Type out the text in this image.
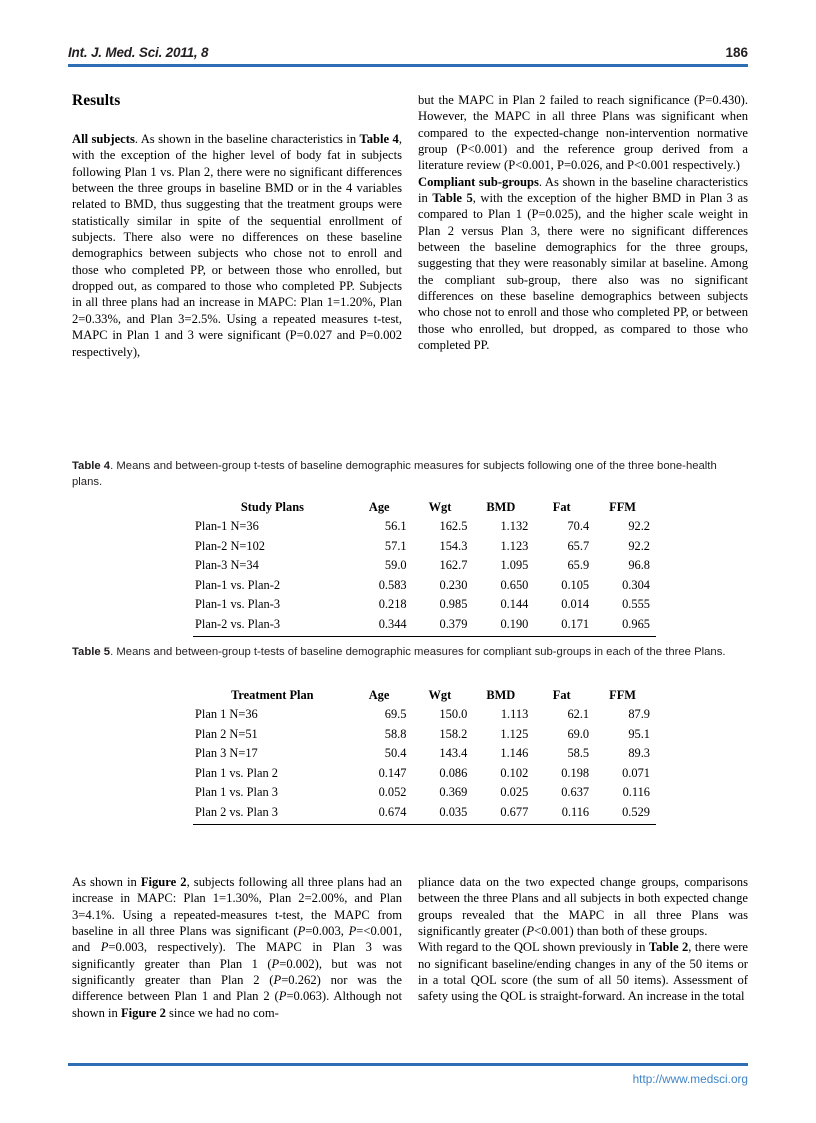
Int. J. Med. Sci. 2011, 8	186
Results

All subjects. As shown in the baseline characteristics in Table 4, with the exception of the higher level of body fat in subjects following Plan 1 vs. Plan 2, there were no significant differences between the three groups in baseline BMD or in the 4 variables related to BMD, thus suggesting that the treatment groups were statistically similar in spite of the sequential enrollment of subjects. There also were no differences on these baseline demographics between subjects who chose not to enroll and those who completed PP, or between those who enrolled, but dropped out, as compared to those who completed PP. Subjects in all three plans had an increase in MAPC: Plan 1=1.20%, Plan 2=0.33%, and Plan 3=2.5%. Using a repeated measures t-test, MAPC in Plan 1 and 3 were significant (P=0.027 and P=0.002 respectively),

but the MAPC in Plan 2 failed to reach significance (P=0.430). However, the MAPC in all three Plans was significant when compared to the expected-change non-intervention normative group (P<0.001) and the reference group derived from a literature review (P<0.001, P=0.026, and P<0.001 respectively.)
Compliant sub-groups. As shown in the baseline characteristics in Table 5, with the exception of the higher BMD in Plan 3 as compared to Plan 1 (P=0.025), and the higher scale weight in Plan 2 versus Plan 3, there were no significant differences between the baseline demographics for the three groups, suggesting that they were reasonably similar at baseline. Among the compliant sub-group, there also was no significant differences on these baseline demographics between subjects who chose not to enroll and those who completed PP, or between those who enrolled, but dropped, as compared to those who completed PP.

Table 4. Means and between-group t-tests of baseline demographic measures for subjects following one of the three bone-health plans.
Study Plans	Age	Wgt	BMD	Fat	FFM
Plan-1 N=36	56.1	162.5	1.132	70.4	92.2
Plan-2 N=102	57.1	154.3	1.123	65.7	92.2
Plan-3 N=34	59.0	162.7	1.095	65.9	96.8
Plan-1 vs. Plan-2	0.583	0.230	0.650	0.105	0.304
Plan-1 vs. Plan-3	0.218	0.985	0.144	0.014	0.555
Plan-2 vs. Plan-3	0.344	0.379	0.190	0.171	0.965
Table 5. Means and between-group t-tests of baseline demographic measures for compliant sub-groups in each of the three Plans.
Treatment Plan	Age	Wgt	BMD	Fat	FFM
Plan 1 N=36	69.5	150.0	1.113	62.1	87.9
Plan 2 N=51	58.8	158.2	1.125	69.0	95.1
Plan 3 N=17	50.4	143.4	1.146	58.5	89.3
Plan 1 vs. Plan 2	0.147	0.086	0.102	0.198	0.071
Plan 1 vs. Plan 3	0.052	0.369	0.025	0.637	0.116
Plan 2 vs. Plan 3	0.674	0.035	0.677	0.116	0.529

As shown in Figure 2, subjects following all three plans had an increase in MAPC: Plan 1=1.30%, Plan 2=2.00%, and Plan 3=4.1%. Using a repeated-measures t-test, the MAPC from baseline in all three Plans was significant (P=0.003, P=<0.001, and P=0.003, respectively). The MAPC in Plan 3 was significantly greater than Plan 1 (P=0.002), but was not significantly greater than Plan 2 (P=0.262) nor was the difference between Plan 1 and Plan 2 (P=0.063). Although not shown in Figure 2 since we had no com-

pliance data on the two expected change groups, comparisons between the three Plans and all subjects in both expected change groups revealed that the MAPC in all three Plans was significantly greater (P<0.001) than both of these groups.
With regard to the QOL shown previously in Table 2, there were no significant baseline/ending changes in any of the 50 items or in a total QOL score (the sum of all 50 items). Assessment of safety using the QOL is straight-forward. An increase in the total

http://www.medsci.org
